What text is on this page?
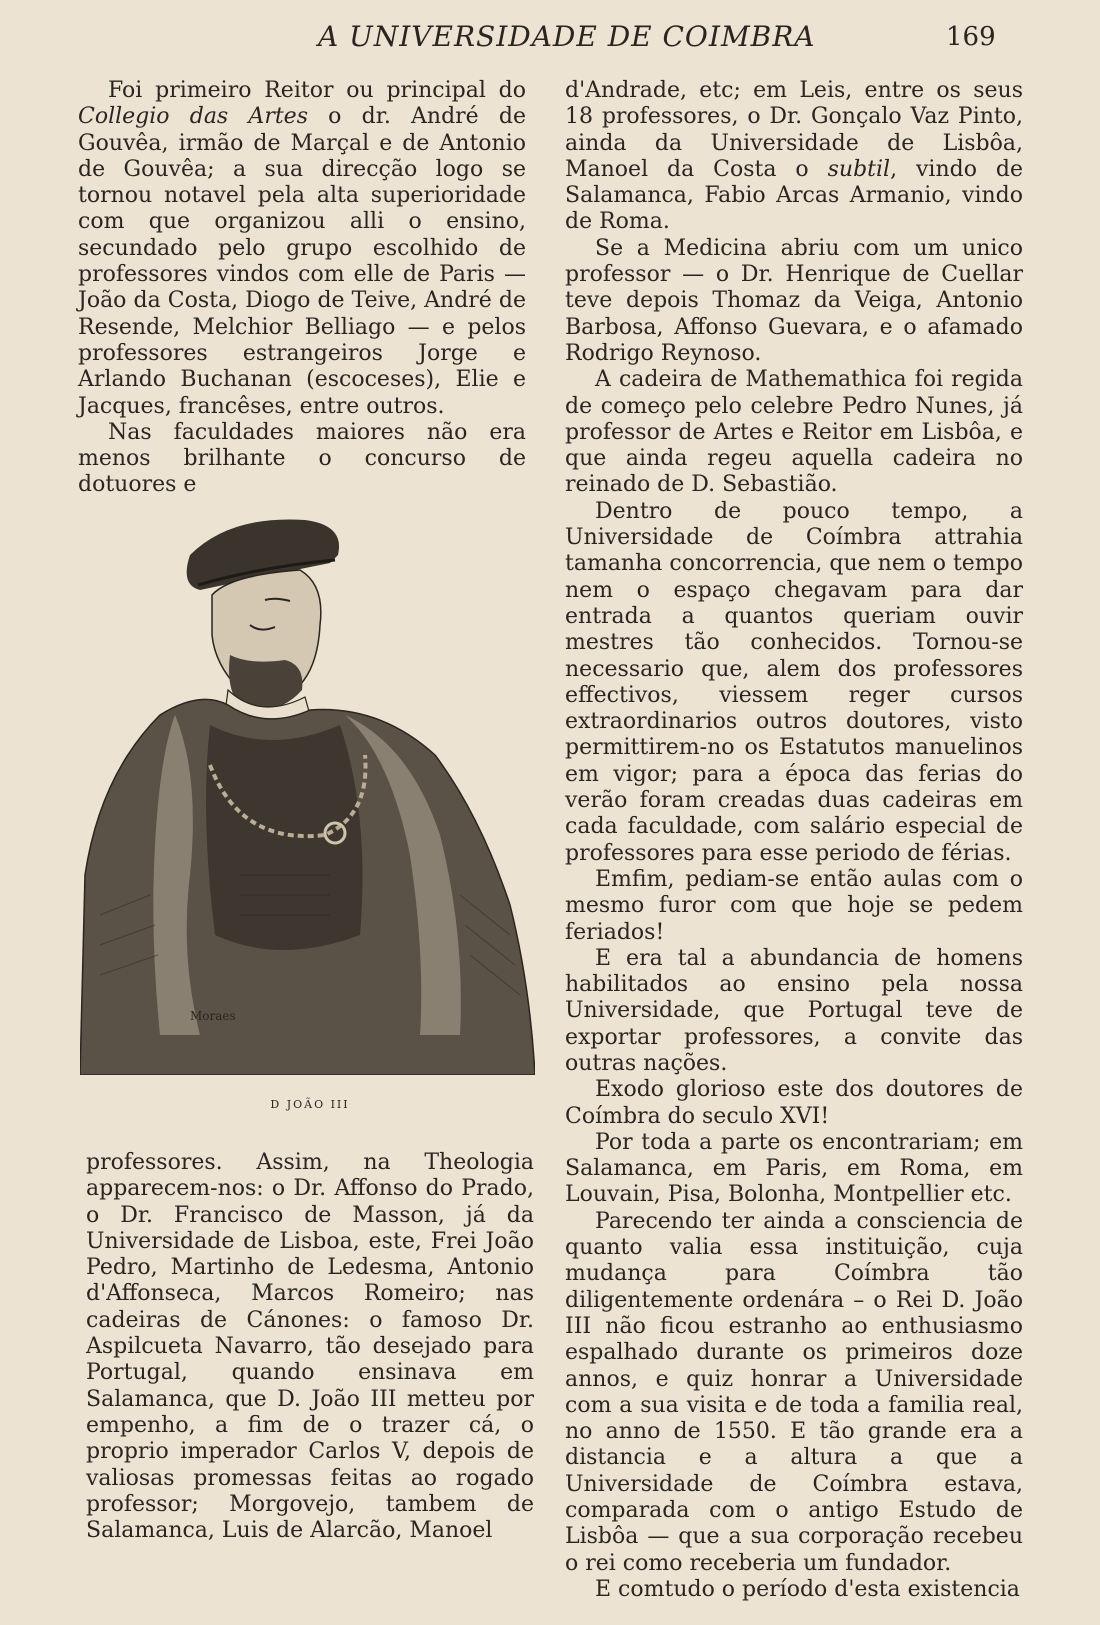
A UNIVERSIDADE DE COIMBRA	169

Foi primeiro Reitor ou principal do Collegio das Artes o dr. André de Gouvêa, irmão de Marçal e de Antonio de Gouvêa; a sua direcção logo se tornou notavel pela alta superioridade com que organizou alli o ensino, secundado pelo grupo escolhido de professores vindos com elle de Paris — João da Costa, Diogo de Teive, André de Resende, Melchior Belliago — e pelos professores estrangeiros Jorge e Arlando Buchanan (escoceses), Elie e Jacques, francêses, entre outros.

Nas faculdades maiores não era menos brilhante o concurso de dotuores e

Moraes
D JOÃO III

professores. Assim, na Theologia apparecem-nos: o Dr. Affonso do Prado, o Dr. Francisco de Masson, já da Universidade de Lisboa, este, Frei João Pedro, Martinho de Ledesma, Antonio d'Affonseca, Marcos Romeiro; nas cadeiras de Cánones: o famoso Dr. Aspilcueta Navarro, tão desejado para Portugal, quando ensinava em Salamanca, que D. João III metteu por empenho, a fim de o trazer cá, o proprio imperador Carlos V, depois de valiosas promessas feitas ao rogado professor; Morgovejo, tambem de Salamanca, Luis de Alarcão, Manoel

d'Andrade, etc; em Leis, entre os seus 18 professores, o Dr. Gonçalo Vaz Pinto, ainda da Universidade de Lisbôa, Manoel da Costa o subtil, vindo de Salamanca, Fabio Arcas Armanio, vindo de Roma.

Se a Medicina abriu com um unico professor — o Dr. Henrique de Cuellar teve depois Thomaz da Veiga, Antonio Barbosa, Affonso Guevara, e o afamado Rodrigo Reynoso.

A cadeira de Mathemathica foi regida de começo pelo celebre Pedro Nunes, já professor de Artes e Reitor em Lisbôa, e que ainda regeu aquella cadeira no reinado de D. Sebastião.

Dentro de pouco tempo, a Universidade de Coímbra attrahia tamanha concorrencia, que nem o tempo nem o espaço chegavam para dar entrada a quantos queriam ouvir mestres tão conhecidos. Tornou-se necessario que, alem dos professores effectivos, viessem reger cursos extraordinarios outros doutores, visto permittirem-no os Estatutos manuelinos em vigor; para a época das ferias do verão foram creadas duas cadeiras em cada faculdade, com salário especial de professores para esse periodo de férias.

Emfim, pediam-se então aulas com o mesmo furor com que hoje se pedem feriados!

E era tal a abundancia de homens habilitados ao ensino pela nossa Universidade, que Portugal teve de exportar professores, a convite das outras nações.

Exodo glorioso este dos doutores de Coímbra do seculo XVI!

Por toda a parte os encontrariam; em Salamanca, em Paris, em Roma, em Louvain, Pisa, Bolonha, Montpellier etc.

Parecendo ter ainda a consciencia de quanto valia essa instituição, cuja mudança para Coímbra tão diligentemente ordenára – o Rei D. João III não ficou estranho ao enthusiasmo espalhado durante os primeiros doze annos, e quiz honrar a Universidade com a sua visita e de toda a familia real, no anno de 1550. E tão grande era a distancia e a altura a que a Universidade de Coímbra estava, comparada com o antigo Estudo de Lisbôa — que a sua corporação recebeu o rei como receberia um fundador.

E comtudo o período d'esta existencia
